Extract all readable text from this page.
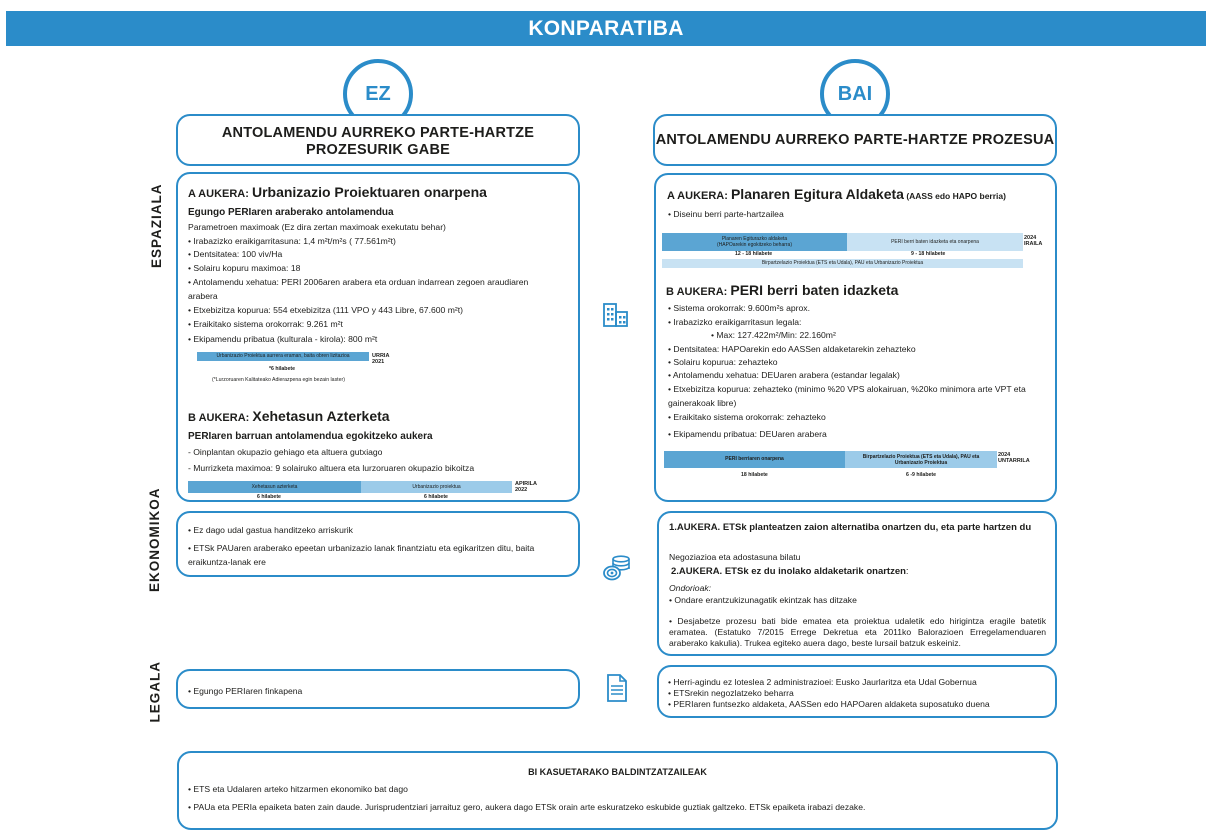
KONPARATIBA
EZ	BAI
ANTOLAMENDU AURREKO PARTE-HARTZE PROZESURIK GABE
ANTOLAMENDU AURREKO PARTE-HARTZE PROZESUA
ESPAZIALA
EKONOMIKOA
LEGALA
A AUKERA: Urbanizazio Proiektuaren onarpena
Egungo PERIaren araberako antolamendua
Parametroen maximoak (Ez dira zertan maximoak exekutatu behar)
• Irabazizko eraikigarritasuna: 1,4 m²t/m²s ( 77.561m²t)
• Dentsitatea: 100 viv/Ha
• Solairu kopuru maximoa: 18
• Antolamendu xehatua: PERI 2006aren arabera eta orduan indarrean zegoen araudiaren
arabera
• Etxebizitza kopurua: 554 etxebizitza (111 VPO y 443 Libre, 67.600 m²t)
• Eraikitako sistema orokorrak: 9.261 m²t
• Ekipamendu pribatua (kulturala - kirola): 800 m²t
Urbanizazio Proiektua aurrera eraman, baita obren lizitazioa	URRIA
2021
*6 hilabete
(*Lurzoruaren Kalitateako Adierazpena egin bezain laster)
B AUKERA: Xehetasun Azterketa
PERIaren barruan antolamendua egokitzeko aukera
- Oinplantan okupazio gehiago eta altuera gutxiago
- Murrizketa maximoa: 9 solairuko altuera eta lurzoruaren okupazio bikoitza
Xehetasun azterketa	Urbanizazio proiektua	APIRILA
2022
6 hilabete	6 hilabete
A AUKERA: Planaren Egitura Aldaketa (AASS edo HAPO berria)
• Diseinu berri parte-hartzailea
Planaren Egiturazko aldaketa
(HAPOarekin egokitzeko beharra)	PERI berri baten idazketa eta onarpena
2024
IRAILA
12 - 18 hilabete	9 - 18 hilabete
Birpartzelazio Proiektua (ETS eta Udala), PAU eta Urbanizazio Proiektua
B AUKERA: PERI berri baten idazketa
• Sistema orokorrak: 9.600m²s aprox.
• Irabazizko eraikigarritasun legala:
• Max: 127.422m²/Min: 22.160m²
• Dentsitatea: HAPOarekin edo AASSen aldaketarekin zehazteko
• Solairu kopurua: zehazteko
• Antolamendu xehatua: DEUaren arabera (estandar legalak)
• Etxebizitza kopurua: zehazteko (minimo %20 VPS alokairuan, %20ko minimora arte VPT eta
gainerakoak libre)
• Eraikitako sistema orokorrak: zehazteko
• Ekipamendu pribatua: DEUaren arabera
PERI berriaren onarpena	Birpartzelazio Proiektua (ETS eta Udala), PAU eta
Urbanizazio Proiektua
2024
UNTARRILA
18 hilabete	6 -9 hilabete
• Ez dago udal gastua handitzeko arriskurik
• ETSk PAUaren araberako epeetan urbanizazio lanak finantziatu eta egikaritzen ditu, baita
eraikuntza-lanak ere
1.AUKERA. ETSk planteatzen zaion alternatiba onartzen du, eta parte hartzen du
Negoziazioa eta adostasuna bilatu
2.AUKERA. ETSk ez du inolako aldaketarik onartzen:
Ondorioak:
• Ondare erantzukizunagatik ekintzak has ditzake
• Desjabetze prozesu bati bide ematea eta proiektua udaletik edo hirigintza eragile batetik eramatea. (Estatuko 7/2015 Errege Dekretua eta 2011ko Balorazioen Erregelamenduaren araberako kakulia). Trukea egiteko auera dago, beste lursail batzuk eskeiniz.
• Egungo PERIaren finkapena
• Herri-agindu ez loteslea 2 administrazioei: Eusko Jaurlaritza eta Udal Gobernua
• ETSrekin negozlatzeko beharra
• PERIaren funtsezko aldaketa, AASSen edo HAPOaren aldaketa suposatuko duena
BI KASUETARAKO BALDINTZATZAILEAK
• ETS eta Udalaren arteko hitzarmen ekonomiko bat dago
• PAUa eta PERIa epaiketa baten zain daude. Jurisprudentziari jarraituz gero, aukera dago ETSk orain arte eskuratzeko eskubide guztiak galtzeko. ETSk epaiketa irabazi dezake.
